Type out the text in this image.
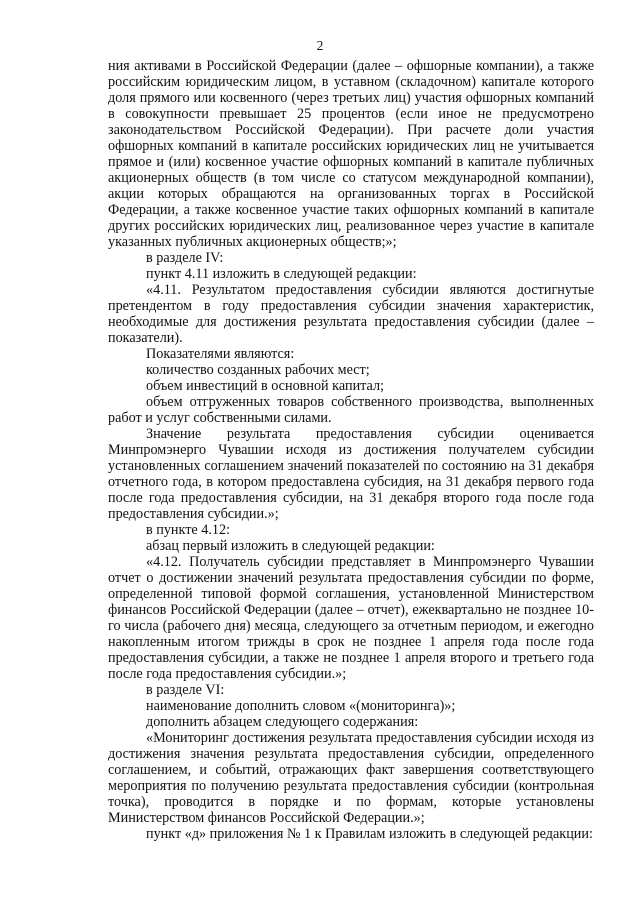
2

ния активами в Российской Федерации (далее – офшорные компании), а также российским юридическим лицом, в уставном (складочном) капитале которого доля прямого или косвенного (через третьих лиц) участия офшорных компаний в совокупности превышает 25 процентов (если иное не предусмотрено законодательством Российской Федерации). При расчете доли участия офшорных компаний в капитале российских юридических лиц не учитывается прямое и (или) косвенное участие офшорных компаний в капитале публичных акционерных обществ (в том числе со статусом международной компании), акции которых обращаются на организованных торгах в Российской Федерации, а также косвенное участие таких офшорных компаний в капитале других российских юридических лиц, реализованное через участие в капитале указанных публичных акционерных обществ;»;

в разделе IV:

пункт 4.11 изложить в следующей редакции:

«4.11. Результатом предоставления субсидии являются достигнутые претендентом в году предоставления субсидии значения характеристик, необходимые для достижения результата предоставления субсидии (далее – показатели).

Показателями являются:

количество созданных рабочих мест;

объем инвестиций в основной капитал;

объем отгруженных товаров собственного производства, выполненных работ и услуг собственными силами.

Значение результата предоставления субсидии оценивается Минпромэнерго Чувашии исходя из достижения получателем субсидии установленных соглашением значений показателей по состоянию на 31 декабря отчетного года, в котором предоставлена субсидия, на 31 декабря первого года после года предоставления субсидии, на 31 декабря второго года после года предоставления субсидии.»;

в пункте 4.12:

абзац первый изложить в следующей редакции:

«4.12. Получатель субсидии представляет в Минпромэнерго Чувашии отчет о достижении значений результата предоставления субсидии по форме, определенной типовой формой соглашения, установленной Министерством финансов Российской Федерации (далее – отчет), ежеквартально не позднее 10-го числа (рабочего дня) месяца, следующего за отчетным периодом, и ежегодно накопленным итогом трижды в срок не позднее 1 апреля года после года предоставления субсидии, а также не позднее 1 апреля второго и третьего года после года предоставления субсидии.»;

в разделе VI:

наименование дополнить словом «(мониторинга)»;

дополнить абзацем следующего содержания:

«Мониторинг достижения результата предоставления субсидии исходя из достижения значения результата предоставления субсидии, определенного соглашением, и событий, отражающих факт завершения соответствующего мероприятия по получению результата предоставления субсидии (контрольная точка), проводится в порядке и по формам, которые установлены Министерством финансов Российской Федерации.»;

пункт «д» приложения № 1 к Правилам изложить в следующей редакции:
